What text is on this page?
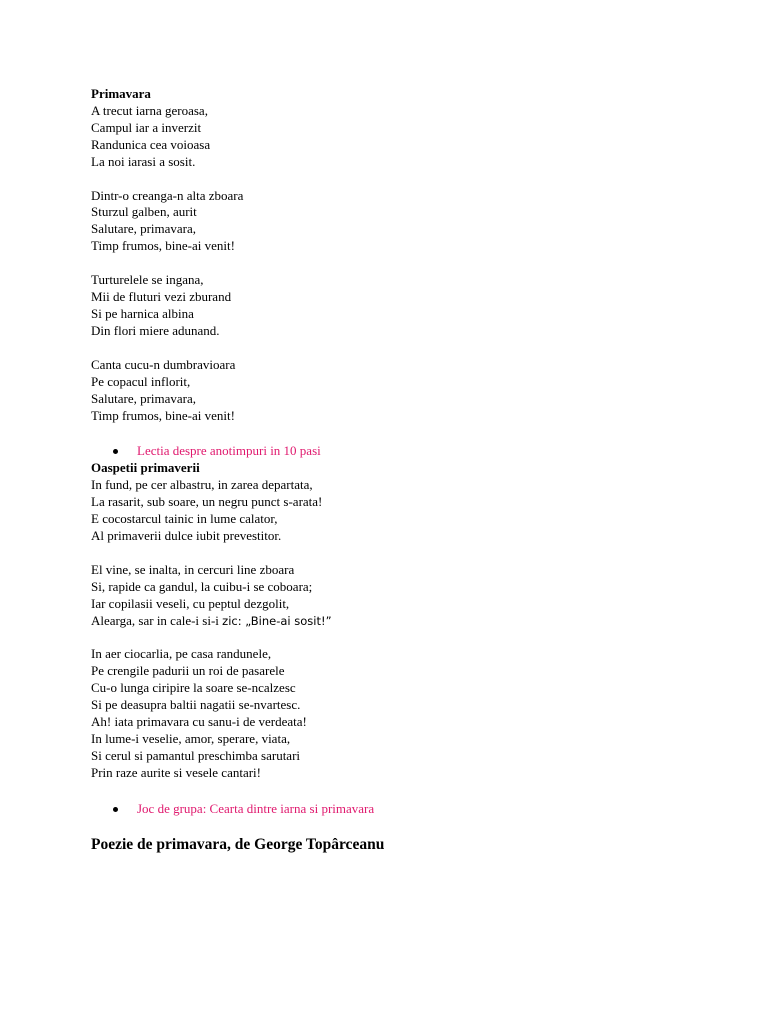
Primavara
A trecut iarna geroasa,
Campul iar a inverzit
Randunica cea voioasa
La noi iarasi a sosit.
Dintr-o creanga-n alta zboara
Sturzul galben, aurit
Salutare, primavara,
Timp frumos, bine-ai venit!
Turturelele se ingana,
Mii de fluturi vezi zburand
Si pe harnica albina
Din flori miere adunand.
Canta cucu-n dumbravioara
Pe copacul inflorit,
Salutare, primavara,
Timp frumos, bine-ai venit!
Lectia despre anotimpuri in 10 pasi
Oaspetii primaverii
In fund, pe cer albastru, in zarea departata,
La rasarit, sub soare, un negru punct s-arata!
E cocostarcul tainic in lume calator,
Al primaverii dulce iubit prevestitor.
El vine, se inalta, in cercuri line zboara
Si, rapide ca gandul, la cuibu-i se coboara;
Iar copilasii veseli, cu peptul dezgolit,
Alearga, sar in cale-i si-i zic: „Bine-ai sosit!”
In aer ciocarlia, pe casa randunele,
Pe crengile padurii un roi de pasarele
Cu-o lunga ciripire la soare se-ncalzesc
Si pe deasupra baltii nagatii se-nvartesc.
Ah! iata primavara cu sanu-i de verdeata!
In lume-i veselie, amor, sperare, viata,
Si cerul si pamantul preschimba sarutari
Prin raze aurite si vesele cantari!
Joc de grupa: Cearta dintre iarna si primavara
Poezie de primavara, de George Topârceanu
